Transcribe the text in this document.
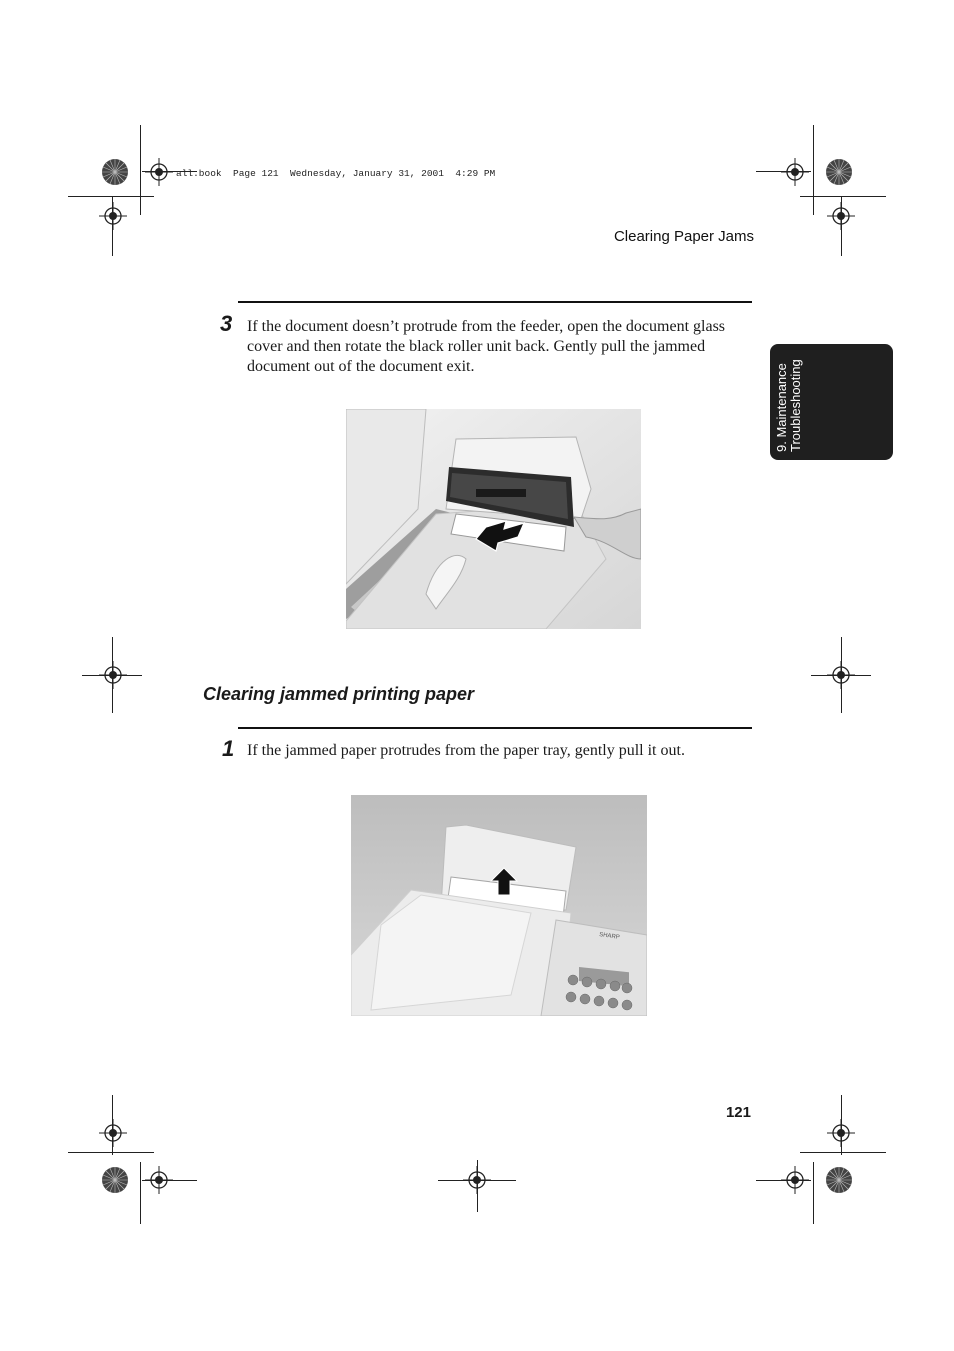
all.book  Page 121  Wednesday, January 31, 2001  4:29 PM
Clearing Paper Jams
9. Maintenance Troubleshooting
3 If the document doesn’t protrude from the feeder, open the document glass cover and then rotate the black roller unit back. Gently pull the jammed document out of the document exit.
Clearing jammed printing paper
1 If the jammed paper protrudes from the paper tray, gently pull it out.
SHARP
121
